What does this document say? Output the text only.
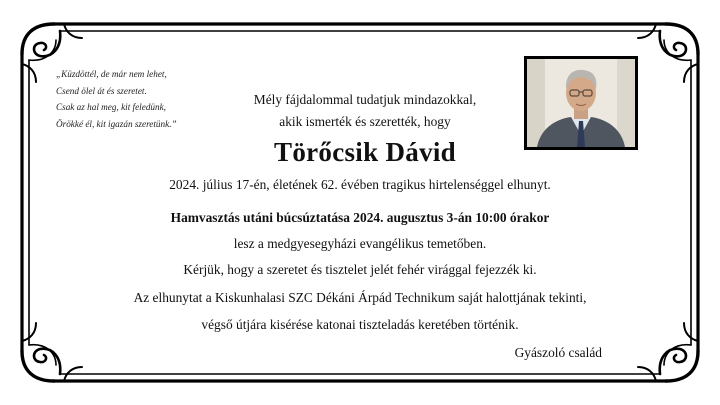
„Küzdöttél, de már nem lehet,
Csend ölel át és szeretet.
Csak az hal meg, kit feledünk,
Örökké él, kit igazán szeretünk.”
Mély fájdalommal tudatjuk mindazokkal,
akik ismerték és szerették, hogy
Törőcsik Dávid
2024. július 17-én, életének 62. évében tragikus hirtelenséggel elhunyt.
Hamvasztás utáni búcsúztatása 2024. augusztus 3-án 10:00 órakor
lesz a medgyesegyházi evangélikus temetőben.
Kérjük, hogy a szeretet és tisztelet jelét fehér virággal fejezzék ki.
Az elhunytat a Kiskunhalasi SZC Dékáni Árpád Technikum saját halottjának tekinti,
végső útjára kisérése katonai tiszteladás keretében történik.
Gyászoló család
